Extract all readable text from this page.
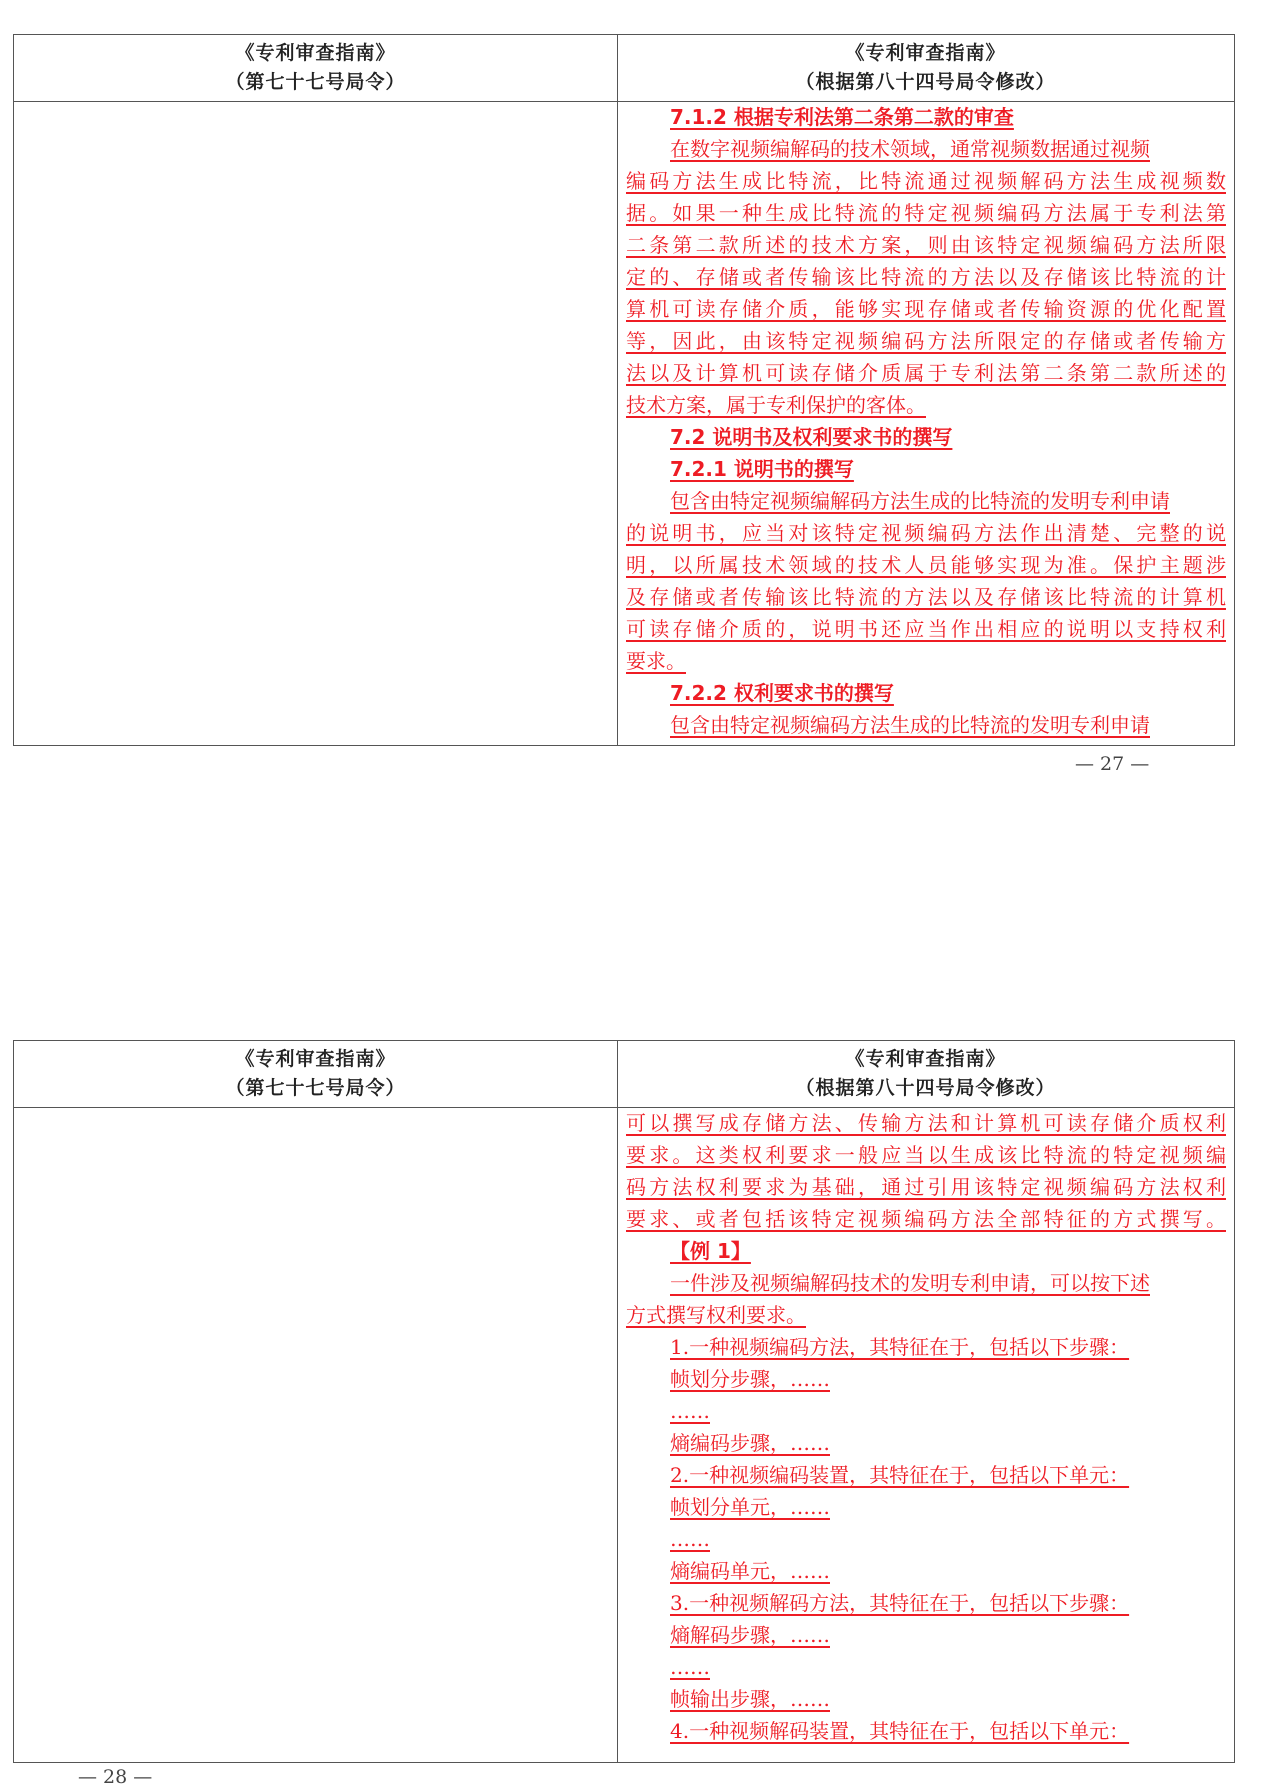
《专利审查指南》
（第七十七号局令）
《专利审查指南》
（根据第八十四号局令修改）
7.1.2 根据专利法第二条第二款的审查
在数字视频编解码的技术领域，通常视频数据通过视频
编码方法生成比特流，比特流通过视频解码方法生成视频数
据。如果一种生成比特流的特定视频编码方法属于专利法第
二条第二款所述的技术方案，则由该特定视频编码方法所限
定的、存储或者传输该比特流的方法以及存储该比特流的计
算机可读存储介质，能够实现存储或者传输资源的优化配置
等，因此，由该特定视频编码方法所限定的存储或者传输方
法以及计算机可读存储介质属于专利法第二条第二款所述的
技术方案，属于专利保护的客体。
7.2 说明书及权利要求书的撰写
7.2.1 说明书的撰写
包含由特定视频编解码方法生成的比特流的发明专利申请
的说明书，应当对该特定视频编码方法作出清楚、完整的说
明，以所属技术领域的技术人员能够实现为准。保护主题涉
及存储或者传输该比特流的方法以及存储该比特流的计算机
可读存储介质的，说明书还应当作出相应的说明以支持权利
要求。
7.2.2 权利要求书的撰写
包含由特定视频编码方法生成的比特流的发明专利申请
— 27 —
《专利审查指南》
（第七十七号局令）
《专利审查指南》
（根据第八十四号局令修改）
可以撰写成存储方法、传输方法和计算机可读存储介质权利
要求。这类权利要求一般应当以生成该比特流的特定视频编
码方法权利要求为基础，通过引用该特定视频编码方法权利
要求、或者包括该特定视频编码方法全部特征的方式撰写。
【例 1】
一件涉及视频编解码技术的发明专利申请，可以按下述
方式撰写权利要求。
1.一种视频编码方法，其特征在于，包括以下步骤：
帧划分步骤，……
……
熵编码步骤，……
2.一种视频编码装置，其特征在于，包括以下单元：
帧划分单元，……
……
熵编码单元，……
3.一种视频解码方法，其特征在于，包括以下步骤：
熵解码步骤，……
……
帧输出步骤，……
4.一种视频解码装置，其特征在于，包括以下单元：
— 28 —
